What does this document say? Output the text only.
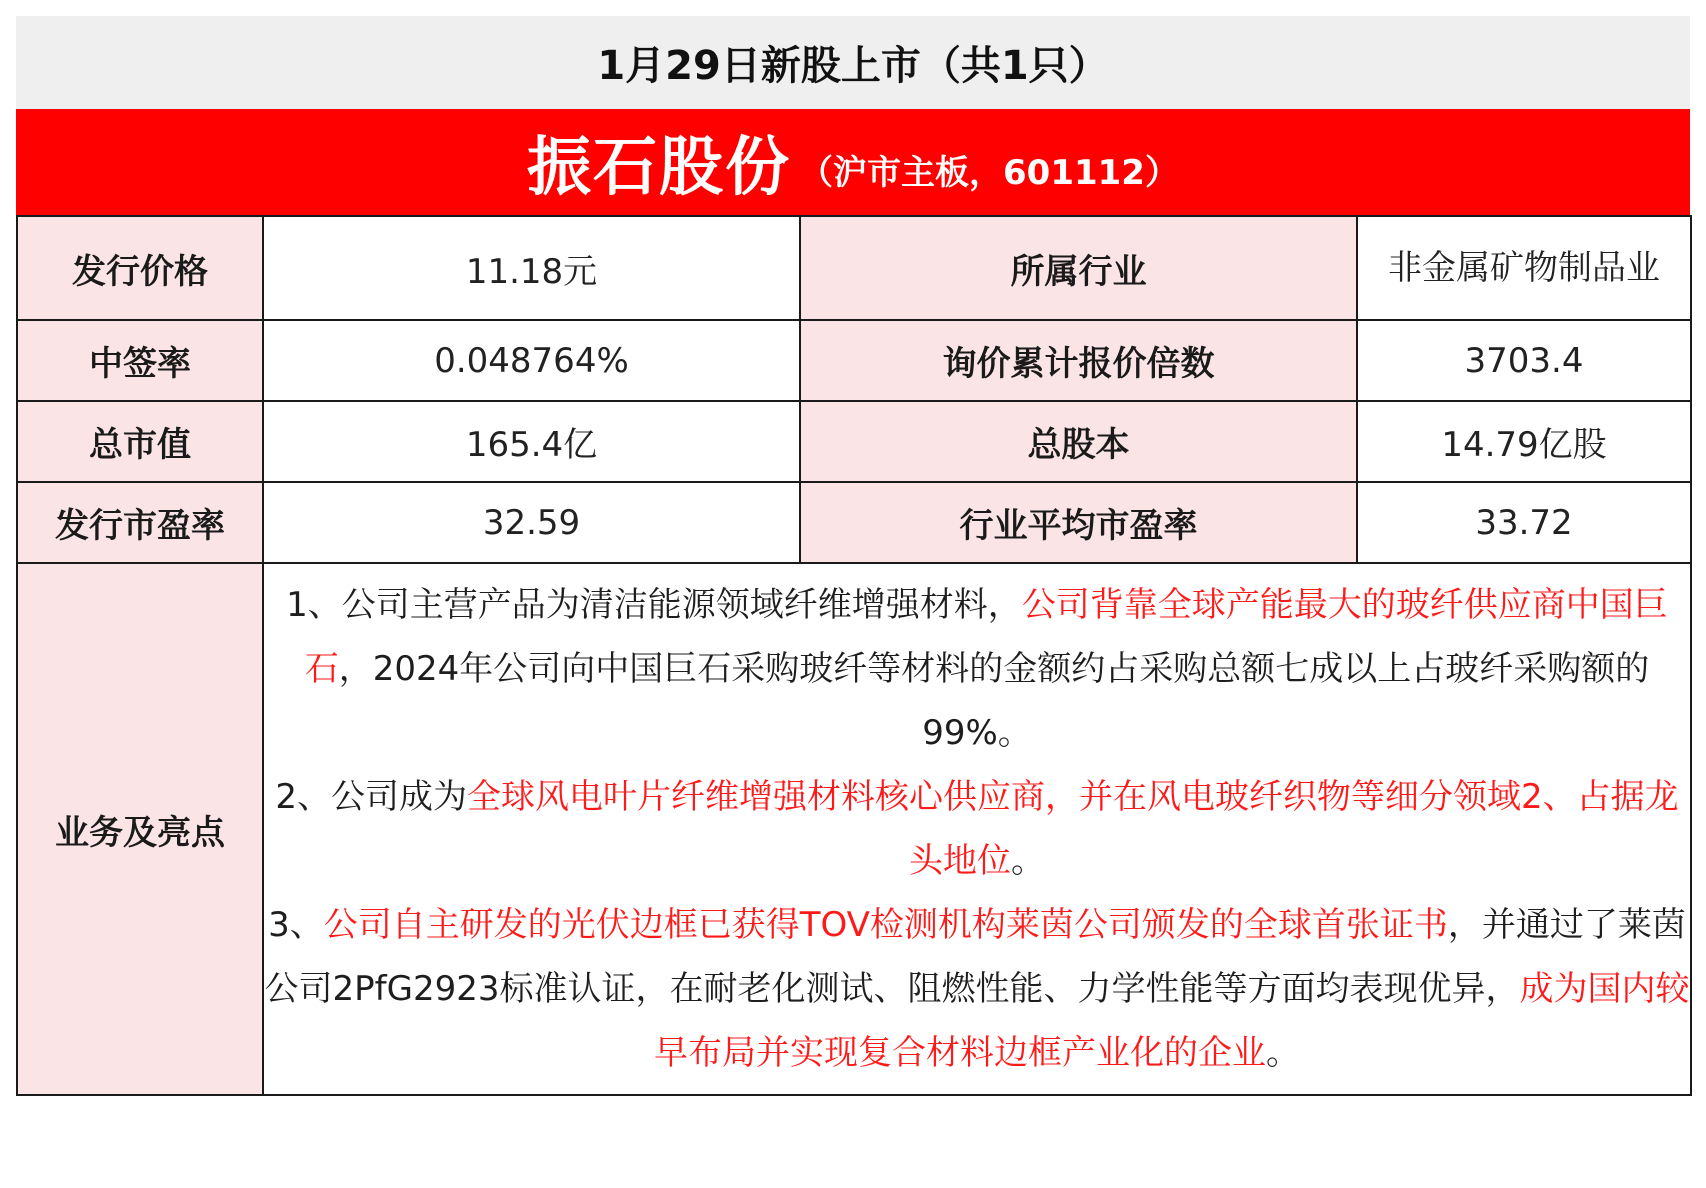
1月29日新股上市（共1只）
振石股份 （沪市主板，601112）
发行价格	11.18元	所属行业	非金属矿物制品业
中签率	0.048764%	询价累计报价倍数	3703.4
总市值	165.4亿	总股本	14.79亿股
发行市盈率	32.59	行业平均市盈率	33.72
业务及亮点	1、公司主营产品为清洁能源领域纤维增强材料，公司背靠全球产能最大的玻纤供应商中国巨石，2024年公司向中国巨石采购玻纤等材料的金额约占采购总额七成以上占玻纤采购额的99%。
2、公司成为全球风电叶片纤维增强材料核心供应商，并在风电玻纤织物等细分领域2、占据龙头地位。
3、公司自主研发的光伏边框已获得TOV检测机构莱茵公司颁发的全球首张证书，并通过了莱茵公司2PfG2923标准认证，在耐老化测试、阻燃性能、力学性能等方面均表现优异，成为国内较早布局并实现复合材料边框产业化的企业。		
